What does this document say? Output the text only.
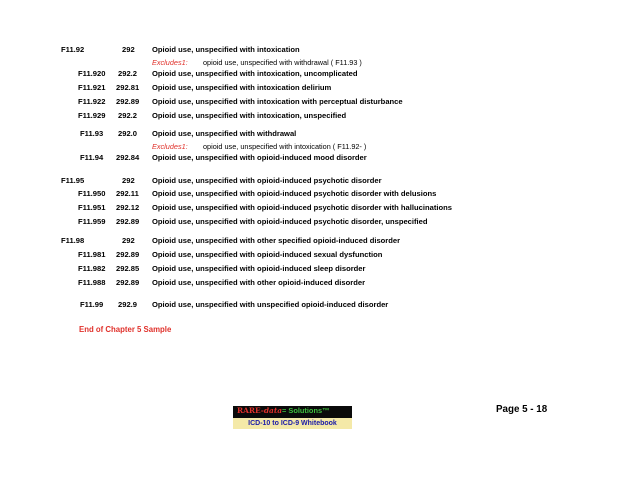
F11.92	292 Opioid use, unspecified with intoxication
Excludes1: opioid use, unspecified with withdrawal ( F11.93 )
F11.920 292.2 Opioid use, unspecified with intoxication, uncomplicated
F11.921 292.81 Opioid use, unspecified with intoxication delirium
F11.922 292.89 Opioid use, unspecified with intoxication with perceptual disturbance
F11.929 292.2 Opioid use, unspecified with intoxication, unspecified
F11.93 292.0 Opioid use, unspecified with withdrawal
Excludes1: opioid use, unspecified with intoxication ( F11.92- )
F11.94 292.84 Opioid use, unspecified with opioid-induced mood disorder
F11.95	292 Opioid use, unspecified with opioid-induced psychotic disorder
F11.950 292.11 Opioid use, unspecified with opioid-induced psychotic disorder with delusions
F11.951 292.12 Opioid use, unspecified with opioid-induced psychotic disorder with hallucinations
F11.959 292.89 Opioid use, unspecified with opioid-induced psychotic disorder, unspecified
F11.98	292 Opioid use, unspecified with other specified opioid-induced disorder
F11.981 292.89 Opioid use, unspecified with opioid-induced sexual dysfunction
F11.982 292.85 Opioid use, unspecified with opioid-induced sleep disorder
F11.988 292.89 Opioid use, unspecified with other opioid-induced disorder
F11.99 292.9 Opioid use, unspecified with unspecified opioid-induced disorder
End of Chapter 5 Sample
RARE-data= Solutions™
ICD-10 to ICD-9 Whitebook
Page 5 - 18
